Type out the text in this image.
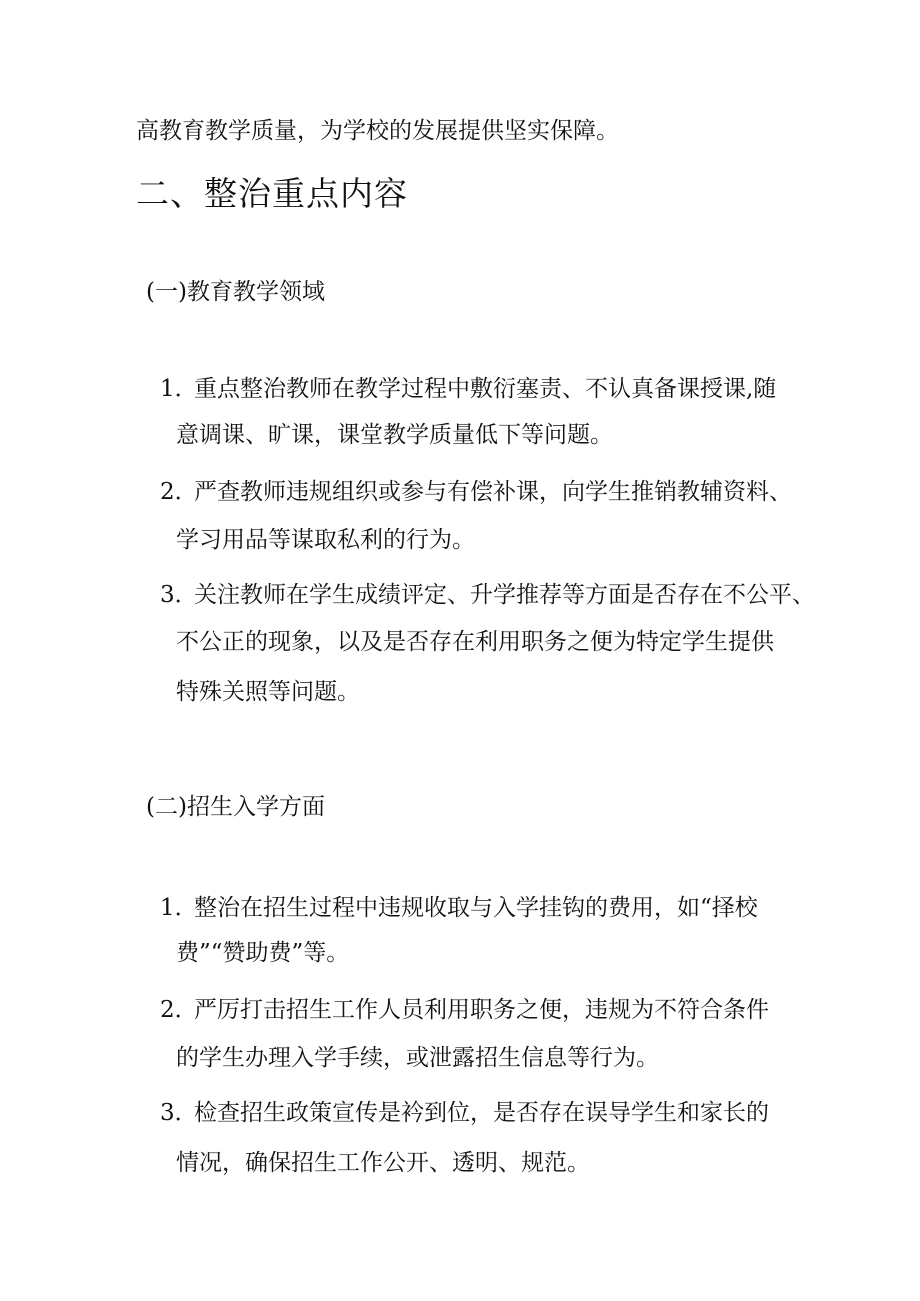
高教育教学质量，为学校的发展提供坚实保障。
二、整治重点内容
(一)教育教学领域
1．
重点整治教师在教学过程中敷衍塞责、不认真备课授课,随
意调课、旷课，课堂教学质量低下等问题。
2．
严查教师违规组织或参与有偿补课，向学生推销教辅资料、
学习用品等谋取私利的行为。
3．
关注教师在学生成绩评定、升学推荐等方面是否存在不公平、
不公正的现象，以及是否存在利用职务之便为特定学生提供
特殊关照等问题。
(二)招生入学方面
1．
整治在招生过程中违规收取与入学挂钩的费用，如“择校
费”“赞助费”等。
2．
严厉打击招生工作人员利用职务之便，违规为不符合条件
的学生办理入学手续，或泄露招生信息等行为。
3．
检查招生政策宣传是衿到位，是否存在误导学生和家长的
情况，确保招生工作公开、透明、规范。
